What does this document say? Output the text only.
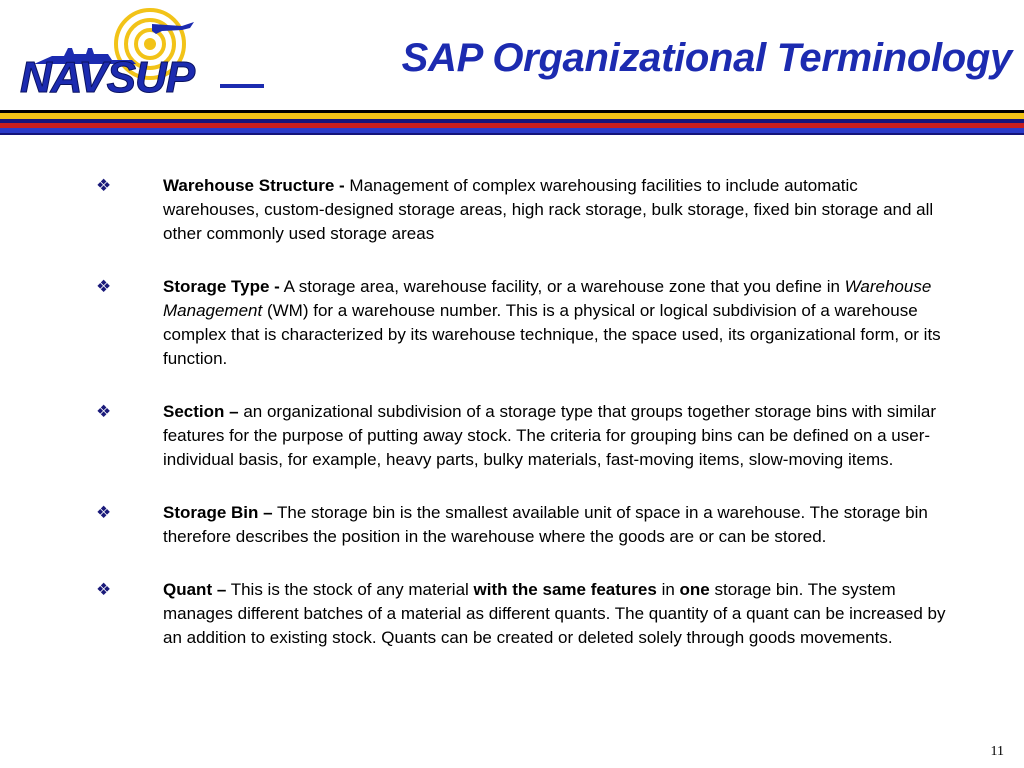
NAVSUP	SAP Organizational Terminology
❖	Warehouse Structure - Management of complex warehousing facilities to include automatic warehouses, custom-designed storage areas, high rack storage, bulk storage, fixed bin storage and all other commonly used storage areas
❖	Storage Type - A storage area, warehouse facility, or a warehouse zone that you define in Warehouse Management (WM) for a warehouse number. This is a physical or logical subdivision of a warehouse complex that is characterized by its warehouse technique, the space used, its organizational form, or its function.
❖	Section – an organizational subdivision of a storage type that groups together storage bins with similar features for the purpose of putting away stock. The criteria for grouping bins can be defined on a user-individual basis, for example, heavy parts, bulky materials, fast-moving items, slow-moving items.
❖	Storage Bin – The storage bin is the smallest available unit of space in a warehouse. The storage bin therefore describes the position in the warehouse where the goods are or can be stored.
❖	Quant – This is the stock of any material with the same features in one storage bin. The system manages different batches of a material as different quants. The quantity of a quant can be increased by an addition to existing stock. Quants can be created or deleted solely through goods movements.
11
